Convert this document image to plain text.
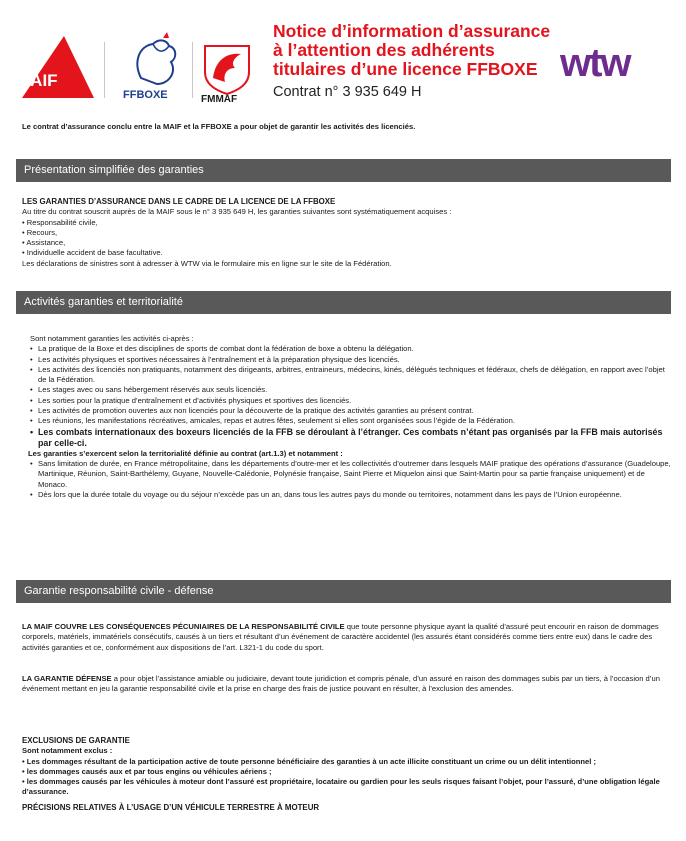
MAIF
FFBOXE	FMMAF
Notice d’information d’assurance
à l’attention des adhérents
titulaires d’une licence FFBOXE
Contrat n° 3 935 649 H
wtw
Le contrat d’assurance conclu entre la MAIF et la FFBOXE a pour objet de garantir les activités des licenciés.
Présentation simplifiée des garanties

LES GARANTIES D’ASSURANCE DANS LE CADRE DE LA LICENCE DE LA FFBOXE

Au titre du contrat souscrit auprès de la MAIF sous le n° 3 935 649 H, les garanties suivantes sont systématiquement acquises :

• Responsabilité civile,
• Recours,
• Assistance,
• Individuelle accident de base facultative.

Les déclarations de sinistres sont à adresser à WTW via le formulaire mis en ligne sur le site de la Fédération.

Activités garanties et territorialité

Sont notamment garanties les activités ci-après :

• La pratique de la Boxe et des disciplines de sports de combat dont la fédération de boxe a obtenu la délégation.
• Les activités physiques et sportives nécessaires à l’entraînement et à la préparation physique des licenciés.
• Les activités des licenciés non pratiquants, notamment des dirigeants, arbitres, entraineurs, médecins, kinés, délégués techniques et fédéraux, chefs de délégation, en rapport avec l’objet de la Fédération.
• Les stages avec ou sans hébergement réservés aux seuls licenciés.
• Les sorties pour la pratique d’entraînement et d’activités physiques et sportives des licenciés.
• Les activités de promotion ouvertes aux non licenciés pour la découverte de la pratique des activités garanties au présent contrat.
• Les réunions, les manifestations récréatives, amicales, repas et autres fêtes, seulement si elles sont organisées sous l’égide de la Fédération.
• Les combats internationaux des boxeurs licenciés de la FFB se déroulant à l’étranger. Ces combats n’étant pas organisés par la FFB mais autorisés par celle-ci.

Les garanties s’exercent selon la territorialité définie au contrat (art.1.3) et notamment :

• Sans limitation de durée, en France métropolitaine, dans les départements d’outre-mer et les collectivités d’outremer dans lesquels MAIF pratique des opérations d’assurance (Guadeloupe, Martinique, Réunion, Saint-Barthélemy, Guyane, Nouvelle-Calédonie, Polynésie française, Saint Pierre et Miquelon ainsi que Saint-Martin pour sa partie française uniquement) et de Monaco.
• Dès lors que la durée totale du voyage ou du séjour n’excède pas un an, dans tous les autres pays du monde ou territoires, notamment dans les pays de l’Union européenne.
Garantie responsabilité civile - défense

LA MAIF COUVRE LES CONSÉQUENCES PÉCUNIAIRES DE LA RESPONSABILITÉ CIVILE que toute personne physique ayant la qualité d’assuré peut encourir en raison de dommages corporels, matériels, immatériels consécutifs, causés à un tiers et résultant d’un événement de caractère accidentel (les assurés étant considérés comme tiers entre eux) dans le cadre des activités garanties et ce, conformément aux dispositions de l’art. L321-1 du code du sport.

LA GARANTIE DÉFENSE a pour objet l’assistance amiable ou judiciaire, devant toute juridiction et compris pénale, d’un assuré en raison des dommages subis par un tiers, à l’occasion d’un événement mettant en jeu la garantie responsabilité civile et la prise en charge des frais de justice pouvant en résulter, à l’exclusion des amendes.

EXCLUSIONS DE GARANTIE

Sont notamment exclus :

• Les dommages résultant de la participation active de toute personne bénéficiaire des garanties à un acte illicite constituant un crime ou un délit intentionnel ;
• les dommages causés aux et par tous engins ou véhicules aériens ;
• les dommages causés par les véhicules à moteur dont l’assuré est propriétaire, locataire ou gardien pour les seuls risques faisant l’objet, pour l’assuré, d’une obligation légale d’assurance.

PRÉCISIONS RELATIVES À L’USAGE D’UN VÉHICULE TERRESTRE À MOTEUR
